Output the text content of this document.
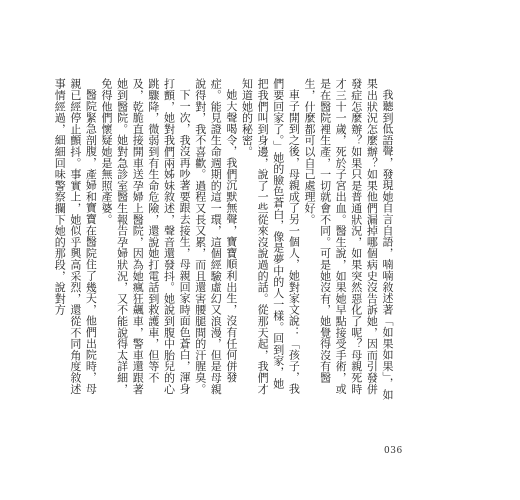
我聽到低語聲，發現她自言自語，喃喃敘述著「如果如果」，如果出狀況怎麼辦？如果他們漏掉哪個病史沒告訴她，因而引發併發症怎麼辦？如果只是普通狀況，如果突然惡化了呢？母親死時才三十一歲，死於子宮出血。醫生說，如果她早點接受手術，或是在醫院裡生產，一切就會不同。可是她沒有，她覺得沒有醫生，什麼都可以自己處理好。

車子開到之後，母親成了另一個人，她對家文說：「孩子，我們要回家了。」她的臉色蒼白，像是夢中的人一樣。回到家，她把我們叫到身邊，說了一些從來沒說過的話。從那天起，我們才知道她的秘密。

她大聲喝令，我們沉默無聲，寶寶順利出生，沒有任何併發症。能見證生命週期的這一環，這個經驗虛幻又浪漫，但是母親說得對，我不喜歡。過程又長又累，而且還害腰腿間的汗腥臭。

下一次，我沒再吵著要跟去接生，母親回家時面色蒼白，渾身打顫，她對我們兩姊妹敘述，聲音還發抖。她說到腹中胎兒的心跳驟降，微弱到有生命危險，還說她打電話到救護車，但等不及，乾脆直接開車送孕婦上醫院，因為她瘋狂飆車，警車還跟著她到醫院。她對急診室醫生報告孕婦狀況，又不能說得太詳細，免得他們懷疑她是無照產婆。

醫院緊急剖腹，產婦和寶寶在醫院住了幾天，他們出院時，母親已經停止顫抖。事實上，她似乎興高采烈，還從不同角度敘述事情經過，細細回味警察攔下她的那段，說對方

036
